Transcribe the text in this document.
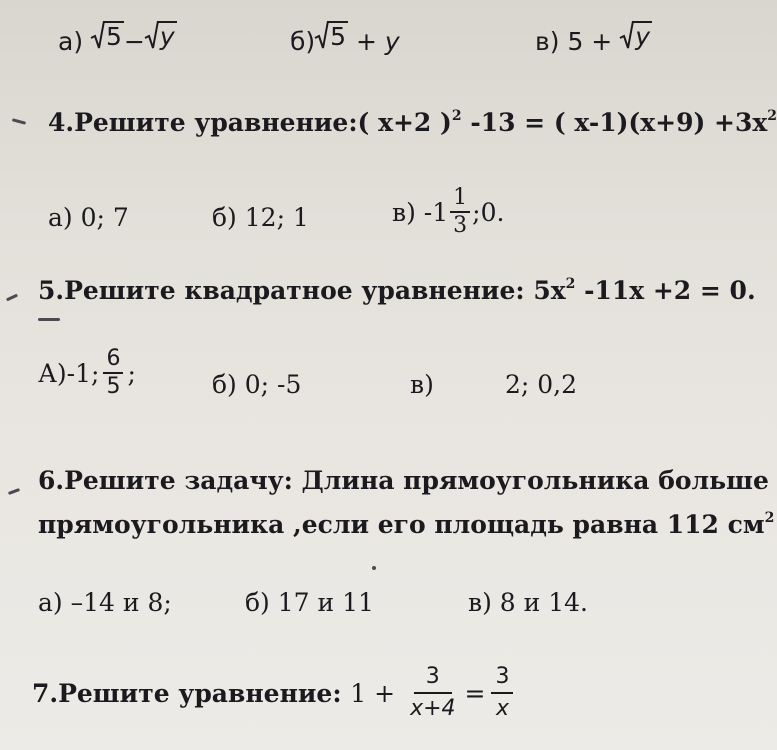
а) 5 − y	б) 5 + y	в) 5 + y
4.Решите уравнение:( x+2 )$^2$ -13 = ( $x-1)(x+9) +3x^2$
а) 0; 7	б) 12; 1	в)
$-1 \frac{1}{3}$ ;0.
5.Решите квадратное уравнение: $5x^2$ -11x +2 = 0.
А)-1; $\frac{6}{5}$ ;	б) 0; -5	в)	2; 0,2
6.Решите задачу: Длина прямоугольника больше
прямоугольника ,если его площадь равна 112 $см^2$
а) –14 и 8;	б) 17 и 11	в) 8 и 14.
7.Решите уравнение:
$1 + \frac{3}{x+4} = \frac{3}{x}$
